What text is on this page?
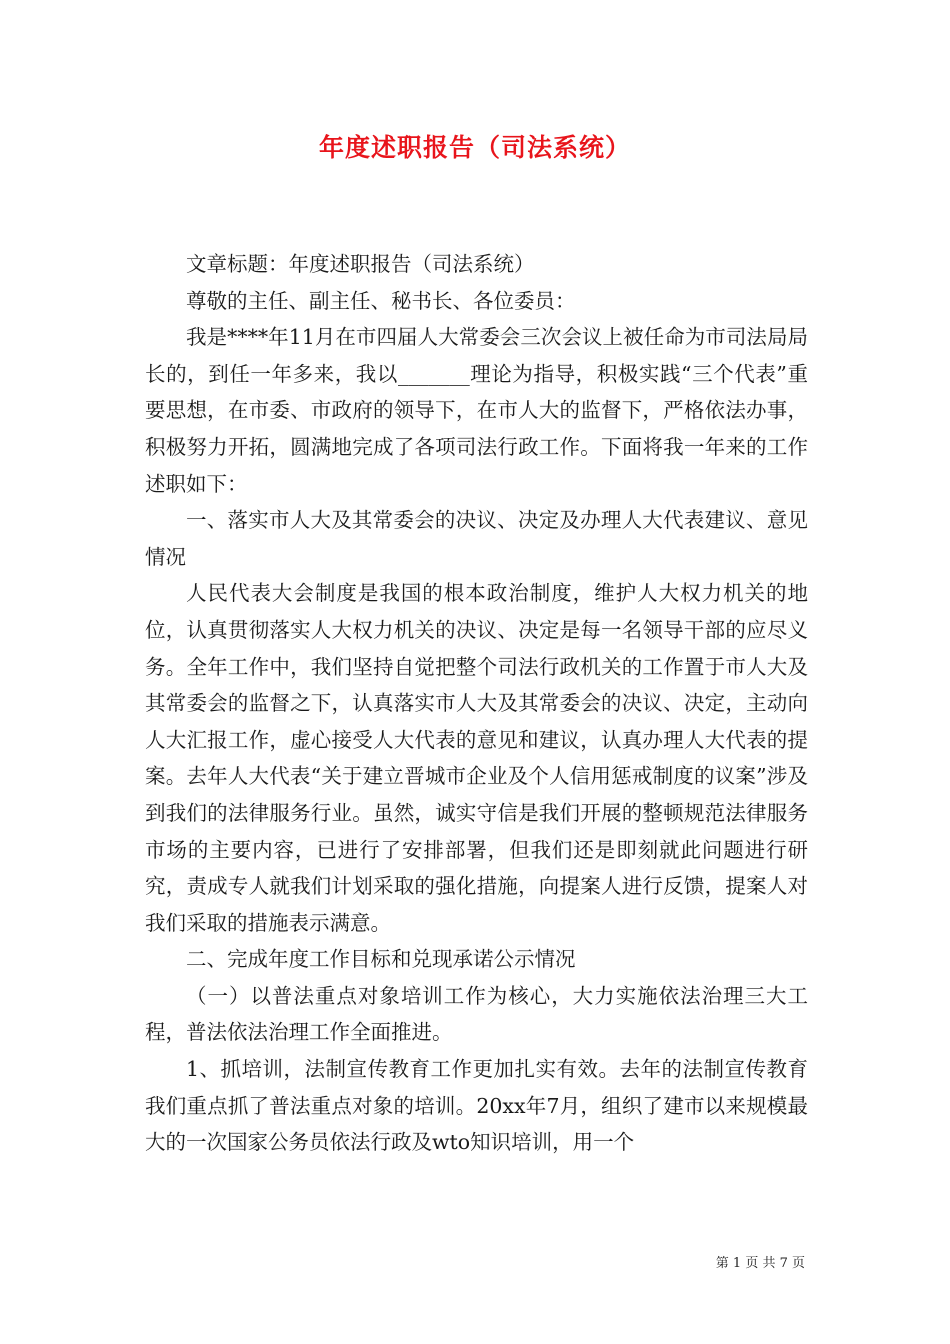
年度述职报告（司法系统）

文章标题：年度述职报告（司法系统）

尊敬的主任、副主任、秘书长、各位委员：

我是****年11月在市四届人大常委会三次会议上被任命为市司法局局长的，到任一年多来，我以_______理论为指导，积极实践“三个代表”重要思想，在市委、市政府的领导下，在市人大的监督下，严格依法办事，积极努力开拓，圆满地完成了各项司法行政工作。下面将我一年来的工作述职如下：

一、落实市人大及其常委会的决议、决定及办理人大代表建议、意见情况

人民代表大会制度是我国的根本政治制度，维护人大权力机关的地位，认真贯彻落实人大权力机关的决议、决定是每一名领导干部的应尽义务。全年工作中，我们坚持自觉把整个司法行政机关的工作置于市人大及其常委会的监督之下，认真落实市人大及其常委会的决议、决定，主动向人大汇报工作，虚心接受人大代表的意见和建议，认真办理人大代表的提案。去年人大代表“关于建立晋城市企业及个人信用惩戒制度的议案”涉及到我们的法律服务行业。虽然，诚实守信是我们开展的整顿规范法律服务市场的主要内容，已进行了安排部署，但我们还是即刻就此问题进行研究，责成专人就我们计划采取的强化措施，向提案人进行反馈，提案人对我们采取的措施表示满意。

二、完成年度工作目标和兑现承诺公示情况

（一）以普法重点对象培训工作为核心，大力实施依法治理三大工程，普法依法治理工作全面推进。

1、抓培训，法制宣传教育工作更加扎实有效。去年的法制宣传教育我们重点抓了普法重点对象的培训。20xx年7月，组织了建市以来规模最大的一次国家公务员依法行政及wto知识培训，用一个

第 1 页 共 7 页
